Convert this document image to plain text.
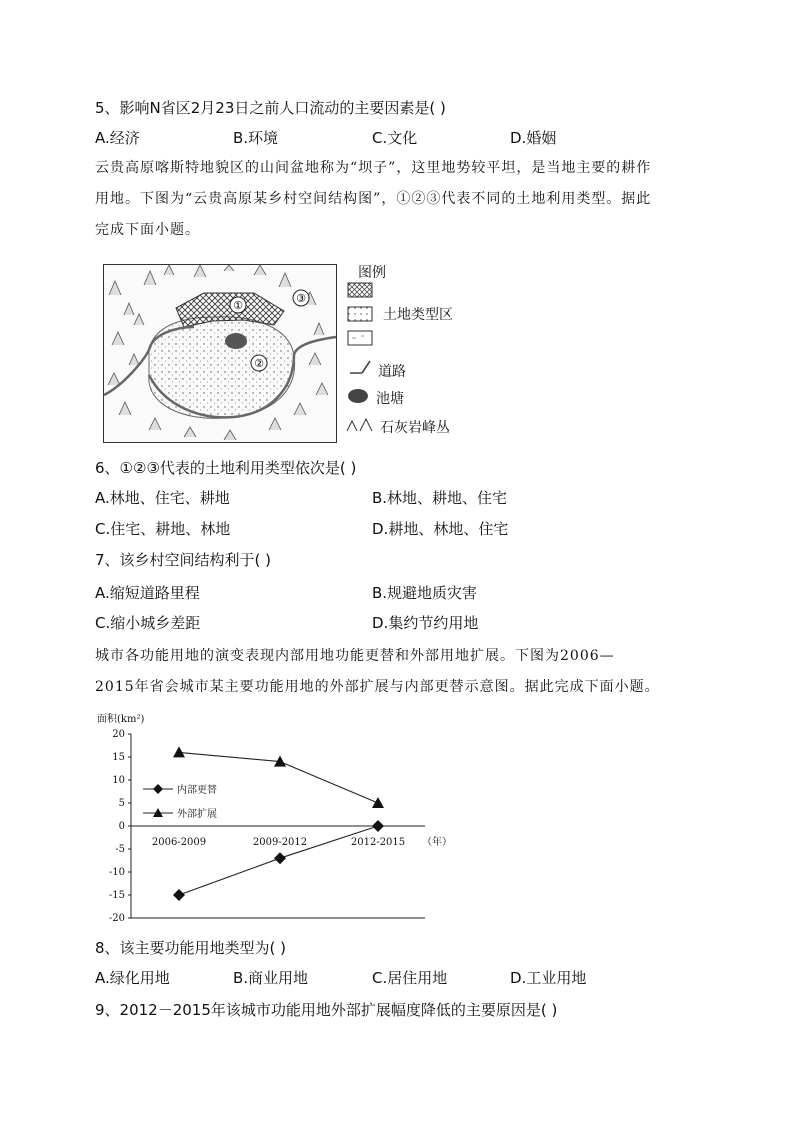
5、影响N省区2月23日之前人口流动的主要因素是( )
A.经济	B.环境	C.文化	D.婚姻
云贵高原喀斯特地貌区的山间盆地称为“坝子”，这里地势较平坦，是当地主要的耕作
用地。下图为“云贵高原某乡村空间结构图”，①②③代表不同的土地利用类型。据此
完成下面小题。
①
②
③
图例
土地类型区
道路
池塘
石灰岩峰丛
6、①②③代表的土地利用类型依次是( )
A.林地、住宅、耕地	B.林地、耕地、住宅
C.住宅、耕地、林地	D.耕地、林地、住宅
7、该乡村空间结构利于( )
A.缩短道路里程	B.规避地质灾害
C.缩小城乡差距	D.集约节约用地
城市各功能用地的演变表现内部用地功能更替和外部用地扩展。下图为2006—
2015年省会城市某主要功能用地的外部扩展与内部更替示意图。据此完成下面小题。
面积(km²)
20
15
10
5
0
-5
-10
-15
-20
2006-2009	2009-2012	2012-2015 （年）
内部更替
外部扩展
8、该主要功能用地类型为( )
A.绿化用地	B.商业用地	C.居住用地	D.工业用地
9、2012－2015年该城市功能用地外部扩展幅度降低的主要原因是( )
